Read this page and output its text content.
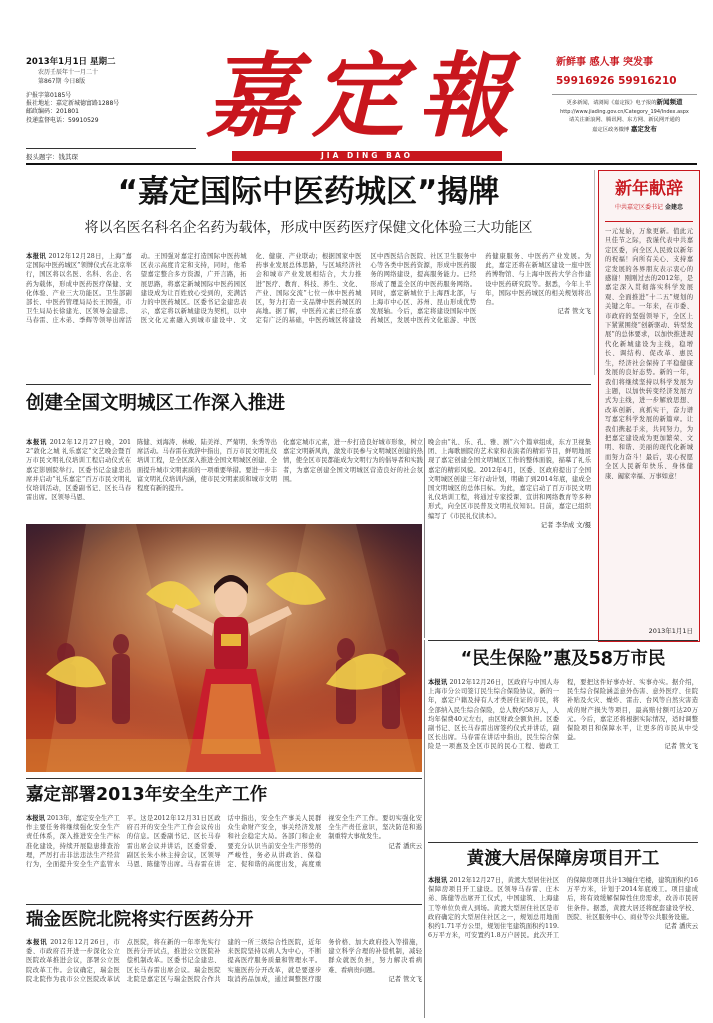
2013年1月1日 星期二
农历壬辰年十一月二十
第867期 今日8版
沪报字第0185号
报社地址：嘉定新城德富路1288号
邮政编码：201801
投递监督电话：59910529
报头题字：钱其琛
嘉定報
JIA DING BAO
新鲜事 感人事 突发事
59916926 59916210
更多新闻，请浏阅《嘉定报》电子报的新闻频道
http://www.jiading.gov.cn/Category_194/Index.aspx
请关注新浪网、腾讯网、东方网、新民网开通的
嘉定区政务微博 嘉定发布
“嘉定国际中医药城区”揭牌
将以名医名科名企名药为载体，形成中医药医疗保健文化体验三大功能区
本报讯 2012年12月28日，上海“嘉定国际中医药城区”领牌仪式在北京举行，国区将以名医、名科、名企、名药为载体，形成中医药医疗保健、文化体验、产业三大功能区。卫生部副部长、中医药管理局局长王国强，市卫生局局长徐建光、区领导金建忠、马春雷、庄木弟、季辉等领导出席活动。王国强对嘉定打造国际中医药城区表示高度肯定和支持，同时，他希望嘉定整合多方资源，广开言路，拓展思路，将嘉定新城国际中医药园区建设成为让百姓放心受到的，充满活力的中医药城区。区委书记金建忠表示，嘉定将以新城建设为契机，以中医文化元素融入到城市建设中、文化、健康、产业联动；根据国家中医药事业发展总体思路，与区域经济社会和城市产业发展相结合，大力推进“医疗、教育、科技、养生、文化、产业、国际交流”七位一体中医药城区，努力打造一支品牌中医药城区的高地。据了解，中医药元素已经在嘉定有广泛的基础，中医药城区将建设区中西医结合医院、社区卫生服务中心等各类中医药资源，形成中医药服务的网络建设，提高服务能力。已经形成了覆盖全区的中医药服务网络。同时，嘉定新城位于上海西北部，与上海市中心区、苏州、昆山形成优势发展轴。今后，嘉定将建设国际中医药城区，发展中医药文化旅游、中医药健康服务、中医药产业发展。为此，嘉定还将在新城区建设一座中医药博物馆、与上海中医药大学合作建设中医药研究院等。据悉，今年上半年，国际中医药城区的相关规划将出台。
记者 管文飞
新年献辞
中共嘉定区委书记 金建忠
一元复始，万象更新。值此元旦佳节之际，我谨代表中共嘉定区委，向全区人民致以新年的祝福！向所有关心、支持嘉定发展的各界朋友表示衷心的感谢！刚刚过去的2012年，是嘉定深入贯彻落实科学发展观、全面推进“十二五”规划的关键之年。一年来，在市委、市政府的坚强领导下，全区上下紧紧围绕“创新驱动、转型发展”的总体要求，以加快推进现代化新城建设为主线，稳增长、调结构、促改革、惠民生，经济社会保持了平稳健康发展的良好态势。新的一年，我们将继续坚持以科学发展为主题，以加快转变经济发展方式为主线，进一步解放思想、改革创新、真抓实干，奋力谱写嘉定科学发展的新篇章。让我们携起手来，共同努力，为把嘉定建设成为更加繁荣、文明、和谐、美丽的现代化新城而努力奋斗！最后，衷心祝愿全区人民新年快乐、身体健康、阖家幸福、万事如意！
2013年1月1日
创建全国文明城区工作深入推进
本报讯 2012年12月27日晚，2012“敦化之城 礼乐嘉定”文艺晚会暨百万市民文明礼仪培训工程启动仪式在嘉定影剧院举行。区委书记金建忠出席并启动“礼乐嘉定”百万市民文明礼仪培训活动，区委副书记、区长马春雷出席。区领导马恩、
陈健、刘海涛、林峻、陆美祥、严菊明、朱秀等出席活动。马春雷在致辞中指出，百万市民文明礼仪培训工程，是全区深入推进全国文明城区创建、全面提升城市文明素质的一项重要举措。要进一步丰富文明礼仪培训内涵，使市民文明素质和城市文明程度有新的提升。
化嘉定城市元素，进一步打造良好城市形象，树立嘉定文明新风尚，激发市民参与文明城区创建的热情，使全区市民都能成为文明行为的倡导者和实践者，为嘉定创建全国文明城区营造良好的社会氛围。
晚会由“礼、乐、孔、雅、剧”六个篇章组成，东方卫视集团、上海歌剧院的艺术家和表演者的精彩节目，鲜明地展现了嘉定创建全国文明城区工作的整体面貌，描摹了礼乐嘉定的精彩风貌。2012年4月，区委、区政府提出了全国文明城区创建三年行动计划，明确了到2014年底，建成全国文明城区的总体目标。为此，嘉定启动了百万市民文明礼仪培训工程，将通过专家授课、宣讲和网络教育等多种形式，向全区市民普及文明礼仪知识。目前，嘉定已组织编写了《市民礼仪读本》。
记者 李华成 文/摄
“民生保险”惠及58万市民
本报讯 2012年12月26日，区政府与中国人寿上海市分公司签订民生综合保险协议，新的一年，嘉定户籍及持有人才类居住证的市民，将全部纳入民生综合保险，总人数约58万人，人均年保费40元左右，由区财政全额负担。区委副书记、区长马春雷出席签约仪式并讲话，副区长出席。马春雷在讲话中指出，民生综合保险是一项惠及全区市民的民心工程、德政工程，要把这件好事办好、实事办实。据介绍，民生综合保险涵盖意外伤害、意外医疗、住院补贴及火灾、燥炸、雷击、台风等自然灾害造成的财产损失等项目，最高赔付额可达20万元。今后，嘉定还将根据实际情况，适时调整保险项目和保障水平，让更多的市民从中受益。
记者 管文飞
嘉定部署2013年安全生产工作
本报讯 2013年，嘉定安全生产工作主要任务将继续强化安全生产责任体系，深入推进安全生产标准化建设，持续开展隐患排查治理，严厉打击非法违法生产经营行为，全面提升安全生产监管水平。这是2012年12月31日区政府召开的安全生产工作会议传出的信息。区委副书记、区长马春雷出席会议并讲话，区委常委、副区长朱小林主持会议，区领导马恩、陈健等出席。马春雷在讲话中指出，安全生产事关人民群众生命财产安全，事关经济发展和社会稳定大局。各部门和企业要充分认识当前安全生产形势的严峻性，务必从讲政治、保稳定、促和谐的高度出发，高度重视安全生产工作。要切实强化安全生产责任意识，坚决防范和遏制重特大事故发生。
记者 潘庆云
黄渡大居保障房项目开工
本报讯 2012年12月27日，黄渡大型居住社区保障房项目开工建设。区领导马春雷、庄木弟、陈健等出席开工仪式，中国建筑、上海建工等单位负责人到场。黄渡大型居住社区是市政府确定的大型居住社区之一，规划总用地面积约1.71平方公里，规划住宅建筑面积约119.6万平方米，可安置约1.8万户居民。此次开工的保障房项目共计13幢住宅楼，建筑面积约16万平方米，计划于2014年底竣工。项目建成后，将有效缓解保障性住房需求，改善市民居住条件。据悉，黄渡大居还将配套建设学校、医院、社区服务中心、商业等公共服务设施。
记者 潘庆云
瑞金医院北院将实行医药分开
本报讯 2012年12月26日，市委、市政府召开进一步深化公立医院改革推进会议，部署公立医院改革工作。会议确定，瑞金医院北院作为我市公立医院改革试点医院，将在新的一年率先实行医药分开试点，推进公立医院补偿机制改革。区委书记金建忠、区长马春雷出席会议。瑞金医院北院是嘉定区与瑞金医院合作共建的一所三级综合性医院，近年来医院坚持以病人为中心，不断提高医疗服务质量和管理水平。实施医药分开改革，就是要逐步取消药品加成，通过调整医疗服务价格、加大政府投入等措施，建立科学合理的补偿机制，减轻群众就医负担，努力解决看病难、看病贵问题。
记者 管文飞
